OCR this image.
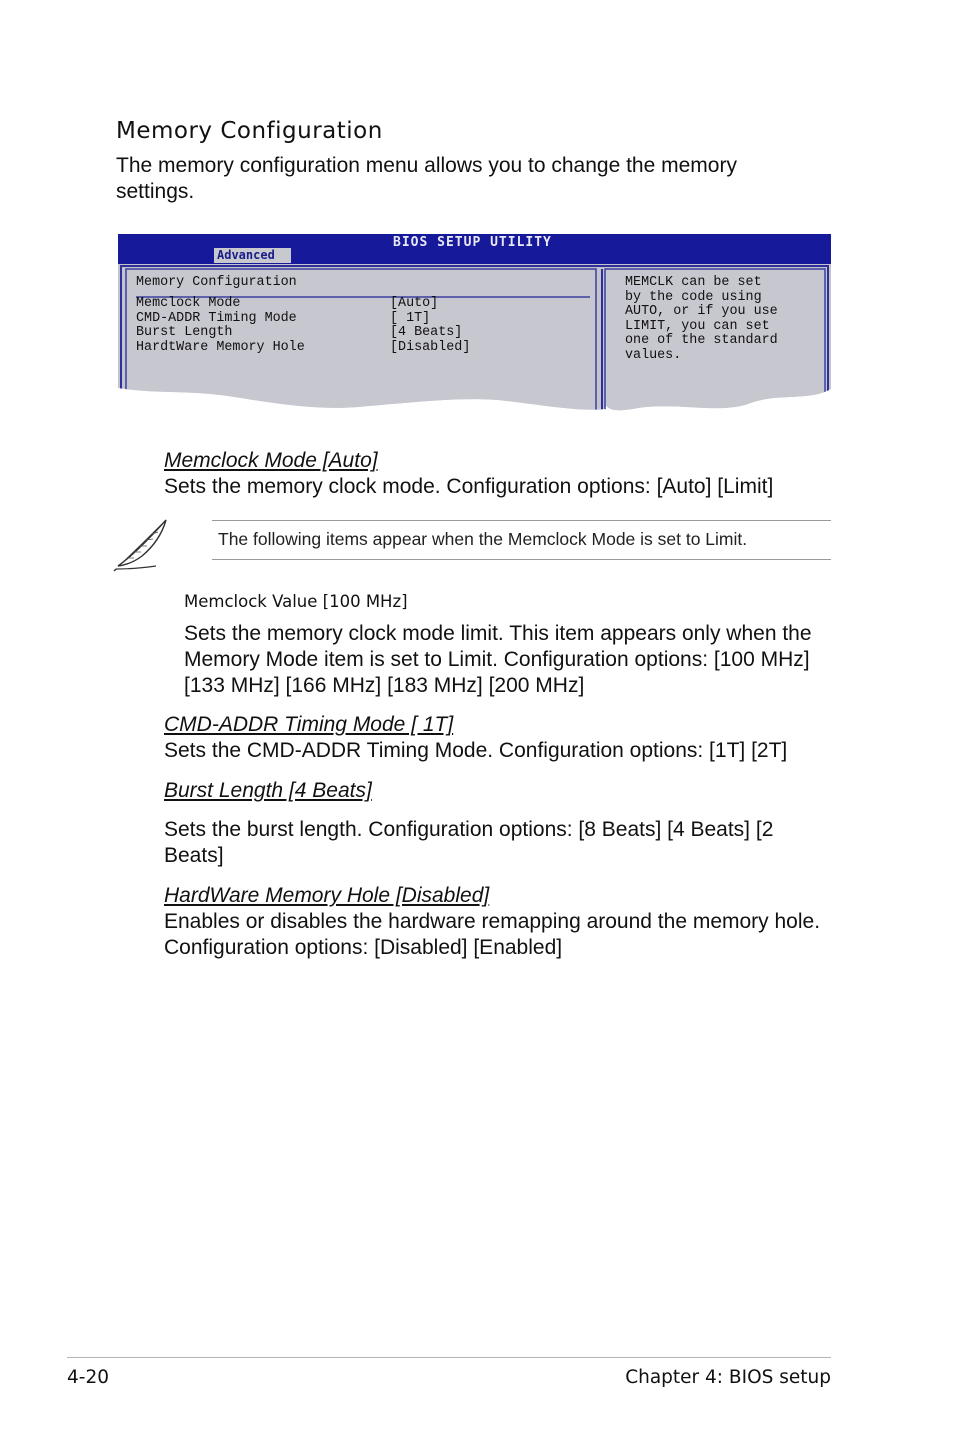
Memory Configuration
The memory configuration menu allows you to change the memory settings.
BIOS SETUP UTILITY
Advanced
Memory Configuration
Memclock Mode	[Auto]
CMD-ADDR Timing Mode	[ 1T]
Burst Length	[4 Beats]
HardtWare Memory Hole	[Disabled]
MEMCLK can be set
by the code using
AUTO, or if you use
LIMIT, you can set
one of the standard
values.
Memclock Mode [Auto]
Sets the memory clock mode. Configuration options: [Auto] [Limit]
The following items appear when the Memclock Mode is set to Limit.
Memclock Value [100 MHz]
Sets the memory clock mode limit. This item appears only when the Memory Mode item is set to Limit. Configuration options: [100 MHz] [133 MHz] [166 MHz] [183 MHz] [200 MHz]
CMD-ADDR Timing Mode [ 1T]
Sets the CMD-ADDR Timing Mode. Configuration options: [1T] [2T]
Burst Length [4 Beats]
Sets the burst length. Configuration options: [8 Beats] [4 Beats] [2 Beats]
HardWare Memory Hole [Disabled]
Enables or disables the hardware remapping around the memory hole. Configuration options: [Disabled] [Enabled]
4-20	Chapter 4: BIOS setup
